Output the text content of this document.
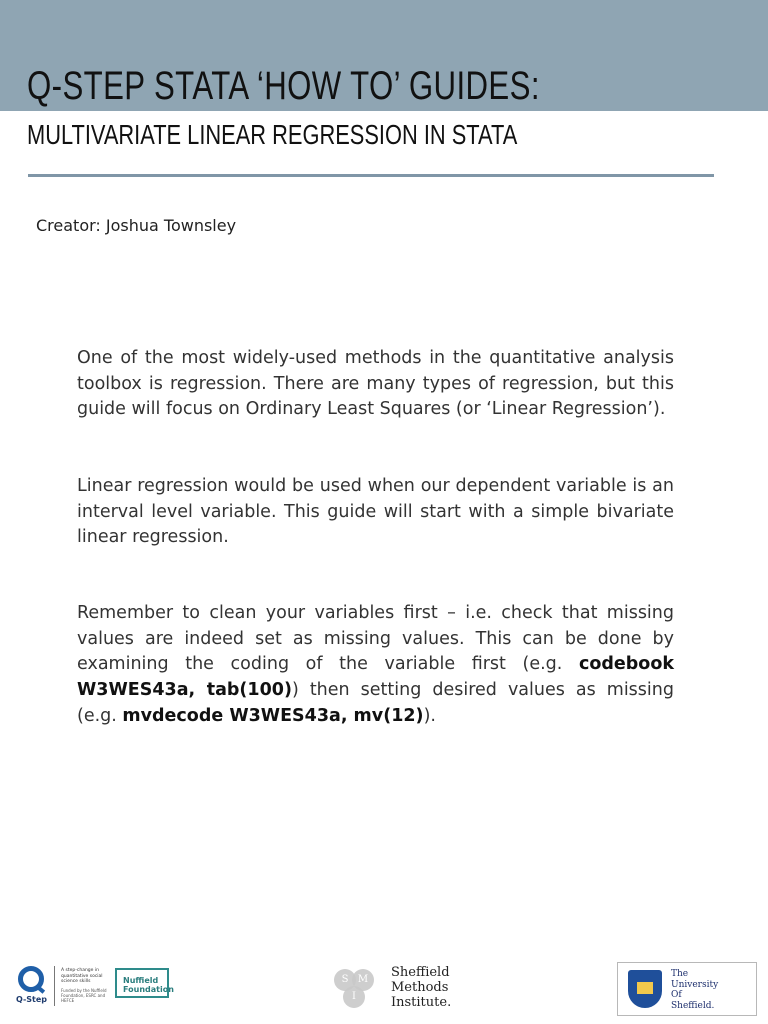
Q-STEP STATA ‘HOW TO’ GUIDES:
MULTIVARIATE LINEAR REGRESSION IN STATA
Creator: Joshua Townsley

One of the most widely-used methods in the quantitative analysis toolbox is regression. There are many types of regression, but this guide will focus on Ordinary Least Squares (or ‘Linear Regression’).

Linear regression would be used when our dependent variable is an interval level variable. This guide will start with a simple bivariate linear regression.

Remember to clean your variables first – i.e. check that missing values are indeed set as missing values. This can be done by examining the coding of the variable first (e.g. codebook W3WES43a, tab(100)) then setting desired values as missing (e.g. mvdecode W3WES43a, mv(12)).

Q-Step
A step-change in quantitative social science skills
Funded by the Nuffield Foundation, ESRC and HEFCE
Nuffield Foundation
S M
I
Sheffield
Methods
Institute.
The
University
Of
Sheffield.
